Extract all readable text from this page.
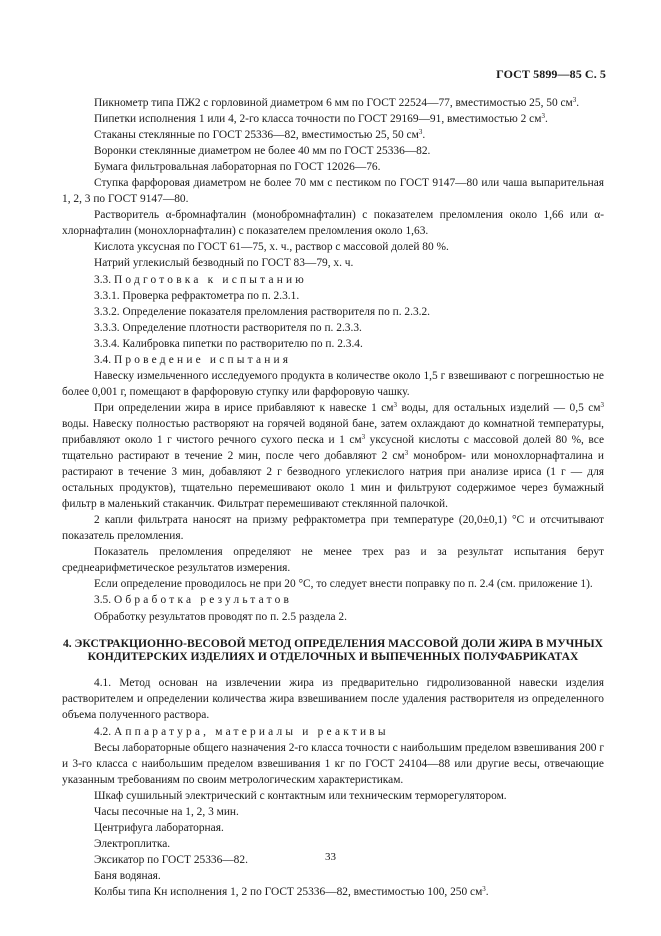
ГОСТ 5899—85 С. 5

Пикнометр типа ПЖ2 с горловиной диаметром 6 мм по ГОСТ 22524—77, вместимостью 25, 50 $см^3$.

Пипетки исполнения 1 или 4, 2-го класса точности по ГОСТ 29169—91, вместимостью 2 $см^3$.

Стаканы стеклянные по ГОСТ 25336—82, вместимостью 25, 50 $см^3$.

Воронки стеклянные диаметром не более 40 мм по ГОСТ 25336—82.

Бумага фильтровальная лабораторная по ГОСТ 12026—76.

Ступка фарфоровая диаметром не более 70 мм с пестиком по ГОСТ 9147—80 или чаша выпарительная 1, 2, 3 по ГОСТ 9147—80.

Растворитель α-бромнафталин (монобромнафталин) с показателем преломления около 1,66 или α-хлорнафталин (монохлорнафталин) с показателем преломления около 1,63.

Кислота уксусная по ГОСТ 61—75, х. ч., раствор с массовой долей 80 %.

Натрий углекислый безводный по ГОСТ 83—79, х. ч.

3.3. Подготовка к испытанию

3.3.1. Проверка рефрактометра по п. 2.3.1.

3.3.2. Определение показателя преломления растворителя по п. 2.3.2.

3.3.3. Определение плотности растворителя по п. 2.3.3.

3.3.4. Калибровка пипетки по растворителю по п. 2.3.4.

3.4. Проведение испытания

Навеску измельченного исследуемого продукта в количестве около 1,5 г взвешивают с погрешностью не более 0,001 г, помещают в фарфоровую ступку или фарфоровую чашку.

При определении жира в ирисе прибавляют к навеске 1 $см^3$ воды, для остальных изделий — 0,5 $см^3$ воды. Навеску полностью растворяют на горячей водяной бане, затем охлаждают до комнатной температуры, прибавляют около 1 г чистого речного сухого песка и 1 $см^3$ уксусной кислоты с массовой долей 80 %, все тщательно растирают в течение 2 мин, после чего добавляют 2 $см^3$ монобром- или монохлорнафталина и растирают в течение 3 мин, добавляют 2 г безводного углекислого натрия при анализе ириса (1 г — для остальных продуктов), тщательно перемешивают около 1 мин и фильтруют содержимое через бумажный фильтр в маленький стаканчик. Фильтрат перемешивают стеклянной палочкой.

2 капли фильтрата наносят на призму рефрактометра при температуре (20,0±0,1) °С и отсчитывают показатель преломления.

Показатель преломления определяют не менее трех раз и за результат испытания берут среднеарифметическое результатов измерения.

Если определение проводилось не при 20 °С, то следует внести поправку по п. 2.4 (см. приложение 1).

3.5. Обработка результатов

Обработку результатов проводят по п. 2.5 раздела 2.

4. ЭКСТРАКЦИОННО-ВЕСОВОЙ МЕТОД ОПРЕДЕЛЕНИЯ МАССОВОЙ ДОЛИ ЖИРА В МУЧНЫХ КОНДИТЕРСКИХ ИЗДЕЛИЯХ И ОТДЕЛОЧНЫХ И ВЫПЕЧЕННЫХ ПОЛУФАБРИКАТАХ

4.1. Метод основан на извлечении жира из предварительно гидролизованной навески изделия растворителем и определении количества жира взвешиванием после удаления растворителя из определенного объема полученного раствора.

4.2. Аппаратура, материалы и реактивы

Весы лабораторные общего назначения 2-го класса точности с наибольшим пределом взвешивания 200 г и 3-го класса с наибольшим пределом взвешивания 1 кг по ГОСТ 24104—88 или другие весы, отвечающие указанным требованиям по своим метрологическим характеристикам.

Шкаф сушильный электрический с контактным или техническим терморегулятором.

Часы песочные на 1, 2, 3 мин.

Центрифуга лабораторная.

Электроплитка.

Эксикатор по ГОСТ 25336—82.

Баня водяная.

Колбы типа Кн исполнения 1, 2 по ГОСТ 25336—82, вместимостью 100, 250 $см^3$.

33
